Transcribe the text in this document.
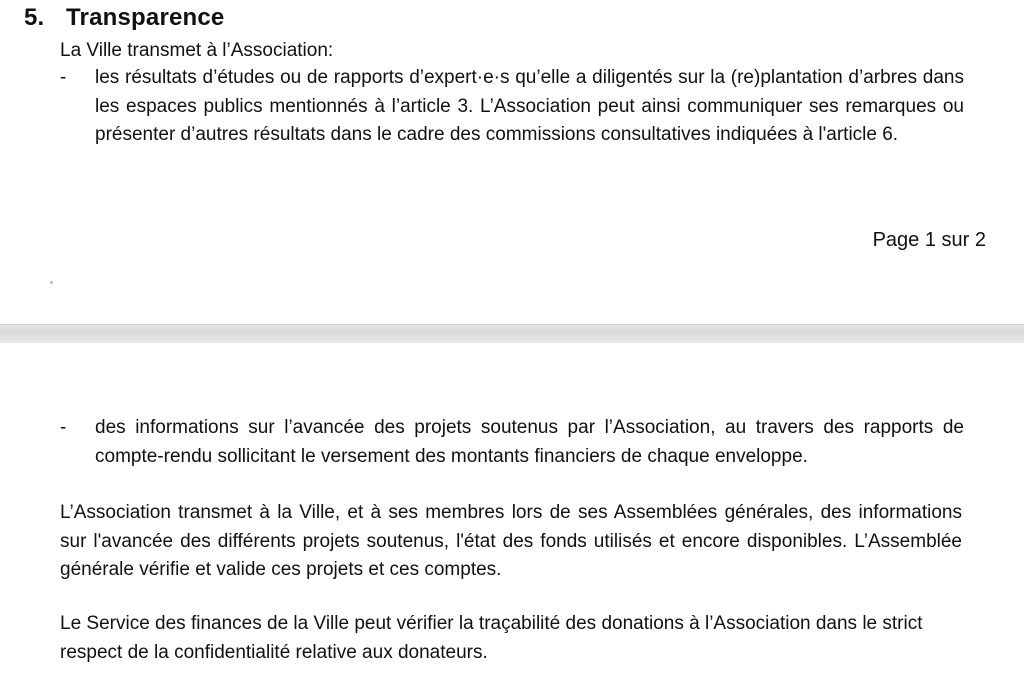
5. Transparence

La Ville transmet à l’Association:

-	les résultats d’études ou de rapports d’expert·e·s qu’elle a diligentés sur la (re)plantation d’arbres dans les espaces publics mentionnés à l’article 3. L’Association peut ainsi communiquer ses remarques ou présenter d’autres résultats dans le cadre des commissions consultatives indiquées à l'article 6.
Page 1 sur 2
-	des informations sur l’avancée des projets soutenus par l’Association, au travers des rapports de compte-rendu sollicitant le versement des montants financiers de chaque enveloppe.

L’Association transmet à la Ville, et à ses membres lors de ses Assemblées générales, des informations sur l'avancée des différents projets soutenus, l'état des fonds utilisés et encore disponibles. L’Assemblée générale vérifie et valide ces projets et ces comptes.

Le Service des finances de la Ville peut vérifier la traçabilité des donations à l’Association dans le strict respect de la confidentialité relative aux donateurs.
